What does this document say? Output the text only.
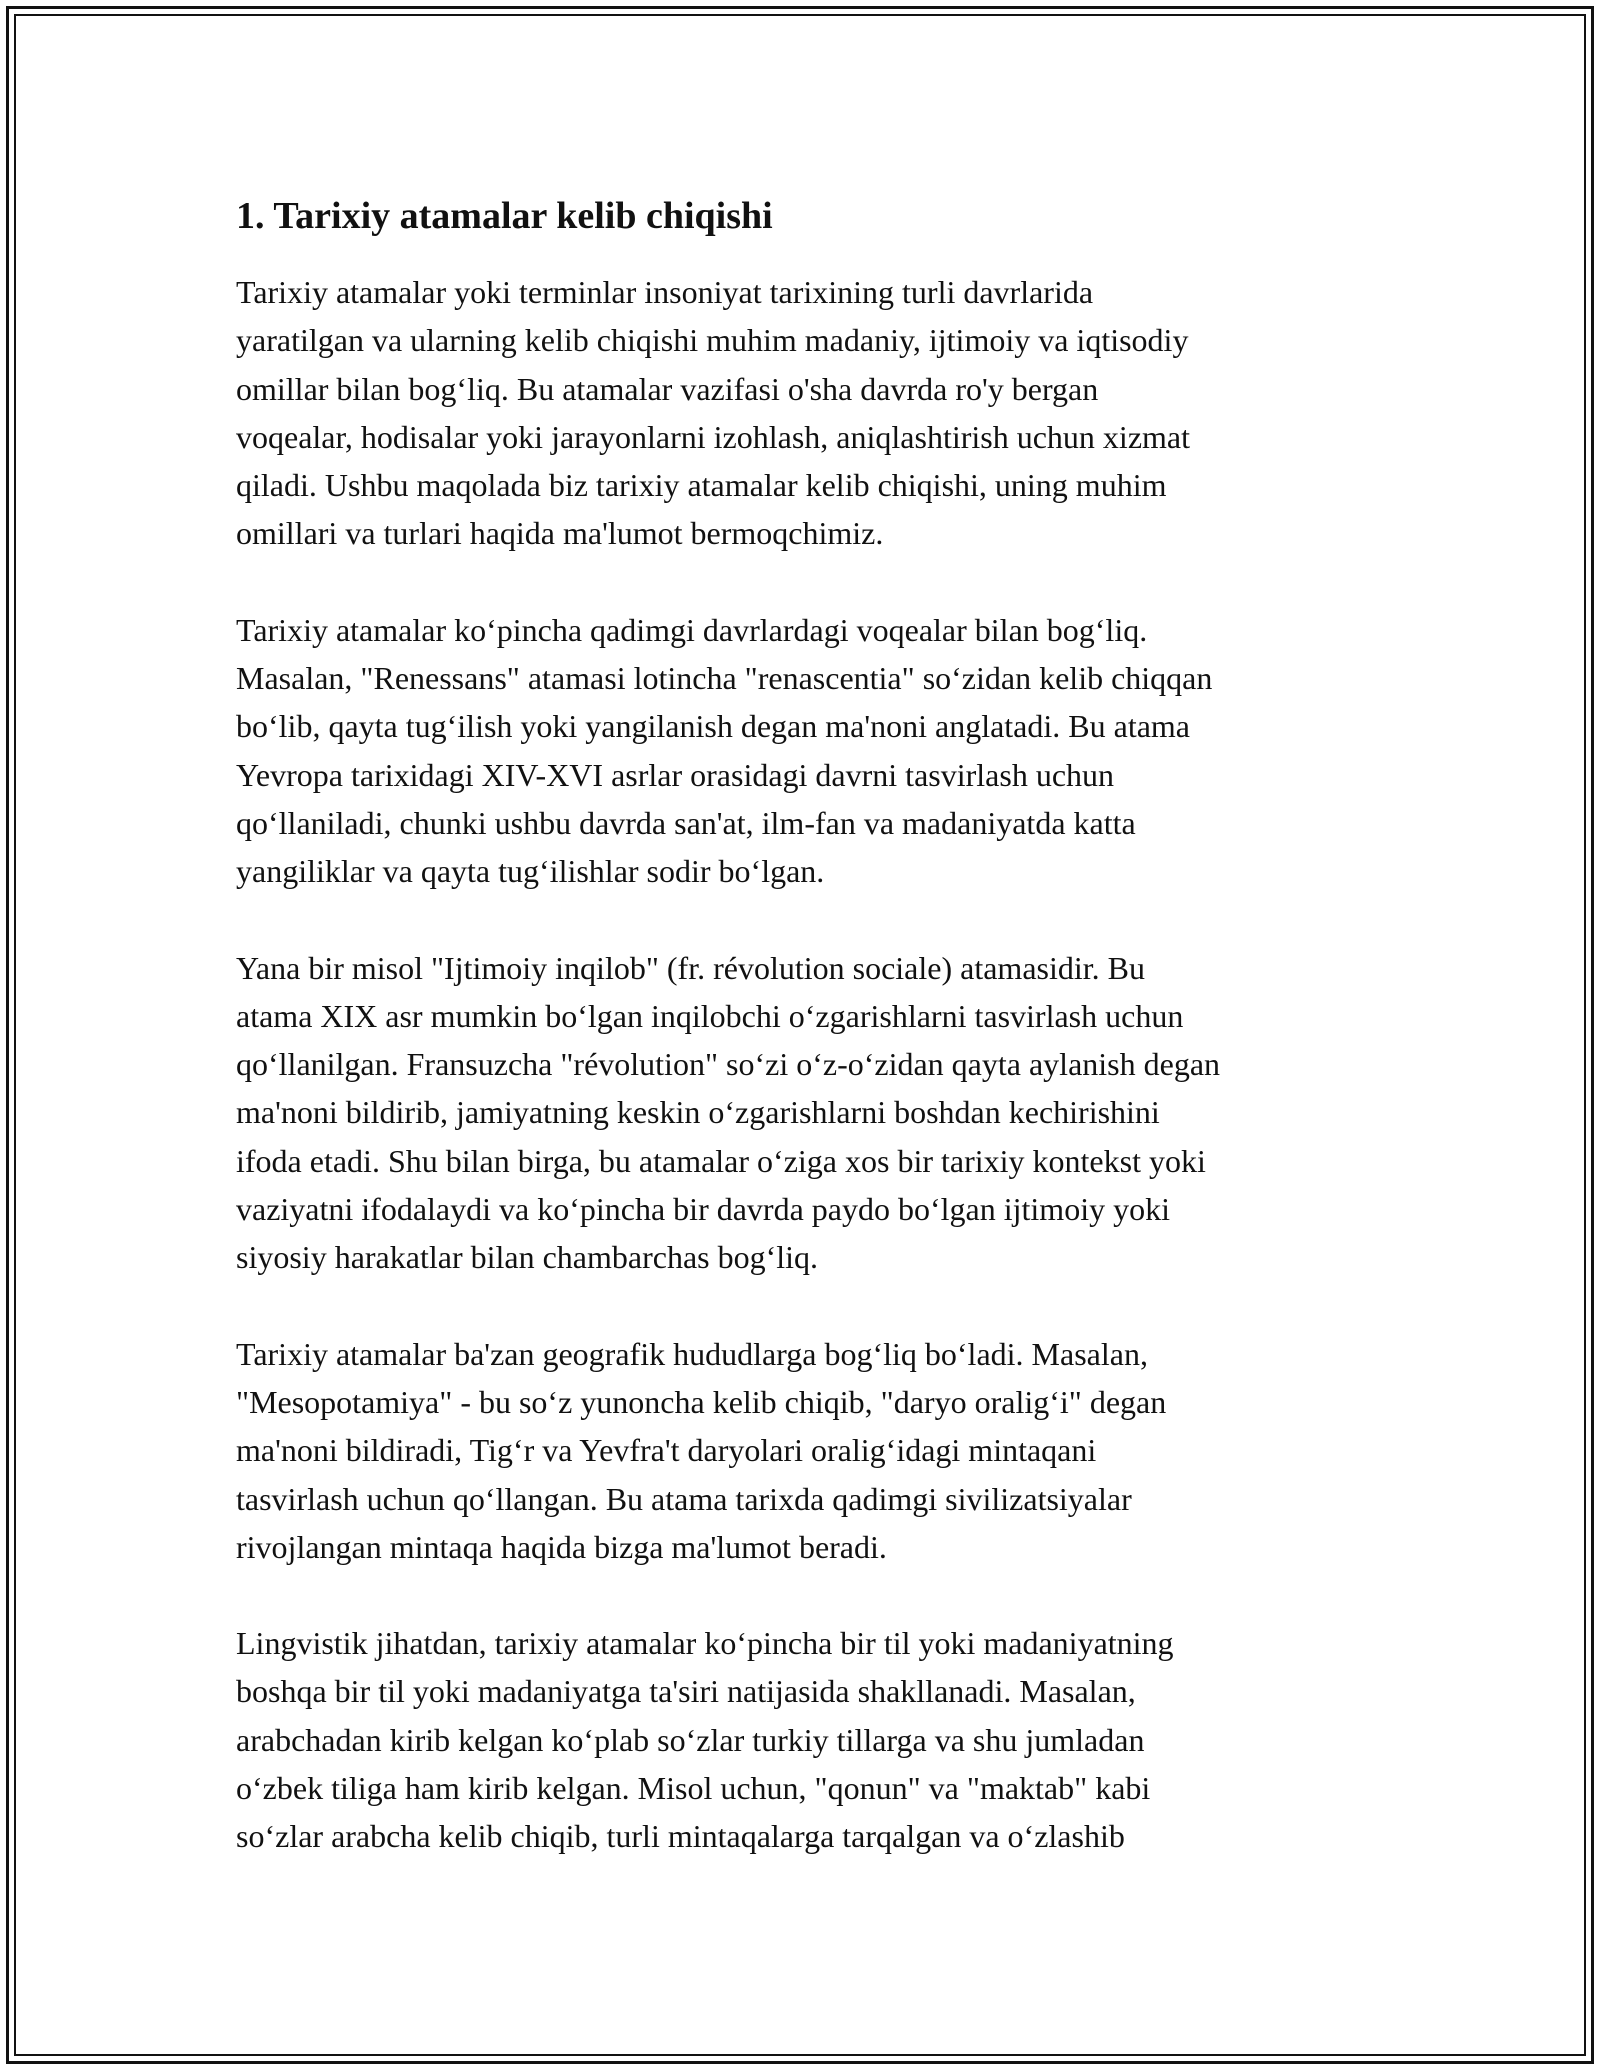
1. Tarixiy atamalar kelib chiqishi

Tarixiy atamalar yoki terminlar insoniyat tarixining turli davrlarida
yaratilgan va ularning kelib chiqishi muhim madaniy, ijtimoiy va iqtisodiy
omillar bilan bog‘liq. Bu atamalar vazifasi o'sha davrda ro'y bergan
voqealar, hodisalar yoki jarayonlarni izohlash, aniqlashtirish uchun xizmat
qiladi. Ushbu maqolada biz tarixiy atamalar kelib chiqishi, uning muhim
omillari va turlari haqida ma'lumot bermoqchimiz.

Tarixiy atamalar ko‘pincha qadimgi davrlardagi voqealar bilan bog‘liq.
Masalan, "Renessans" atamasi lotincha "renascentia" so‘zidan kelib chiqqan
bo‘lib, qayta tug‘ilish yoki yangilanish degan ma'noni anglatadi. Bu atama
Yevropa tarixidagi XIV-XVI asrlar orasidagi davrni tasvirlash uchun
qo‘llaniladi, chunki ushbu davrda san'at, ilm-fan va madaniyatda katta
yangiliklar va qayta tug‘ilishlar sodir bo‘lgan.

Yana bir misol "Ijtimoiy inqilob" (fr. révolution sociale) atamasidir. Bu
atama XIX asr mumkin bo‘lgan inqilobchi o‘zgarishlarni tasvirlash uchun
qo‘llanilgan. Fransuzcha "révolution" so‘zi o‘z-o‘zidan qayta aylanish degan
ma'noni bildirib, jamiyatning keskin o‘zgarishlarni boshdan kechirishini
ifoda etadi. Shu bilan birga, bu atamalar o‘ziga xos bir tarixiy kontekst yoki
vaziyatni ifodalaydi va ko‘pincha bir davrda paydo bo‘lgan ijtimoiy yoki
siyosiy harakatlar bilan chambarchas bog‘liq.

Tarixiy atamalar ba'zan geografik hududlarga bog‘liq bo‘ladi. Masalan,
"Mesopotamiya" - bu so‘z yunoncha kelib chiqib, "daryo oralig‘i" degan
ma'noni bildiradi, Tig‘r va Yevfra't daryolari oralig‘idagi mintaqani
tasvirlash uchun qo‘llangan. Bu atama tarixda qadimgi sivilizatsiyalar
rivojlangan mintaqa haqida bizga ma'lumot beradi.

Lingvistik jihatdan, tarixiy atamalar ko‘pincha bir til yoki madaniyatning
boshqa bir til yoki madaniyatga ta'siri natijasida shakllanadi. Masalan,
arabchadan kirib kelgan ko‘plab so‘zlar turkiy tillarga va shu jumladan
o‘zbek tiliga ham kirib kelgan. Misol uchun, "qonun" va "maktab" kabi
so‘zlar arabcha kelib chiqib, turli mintaqalarga tarqalgan va o‘zlashib
